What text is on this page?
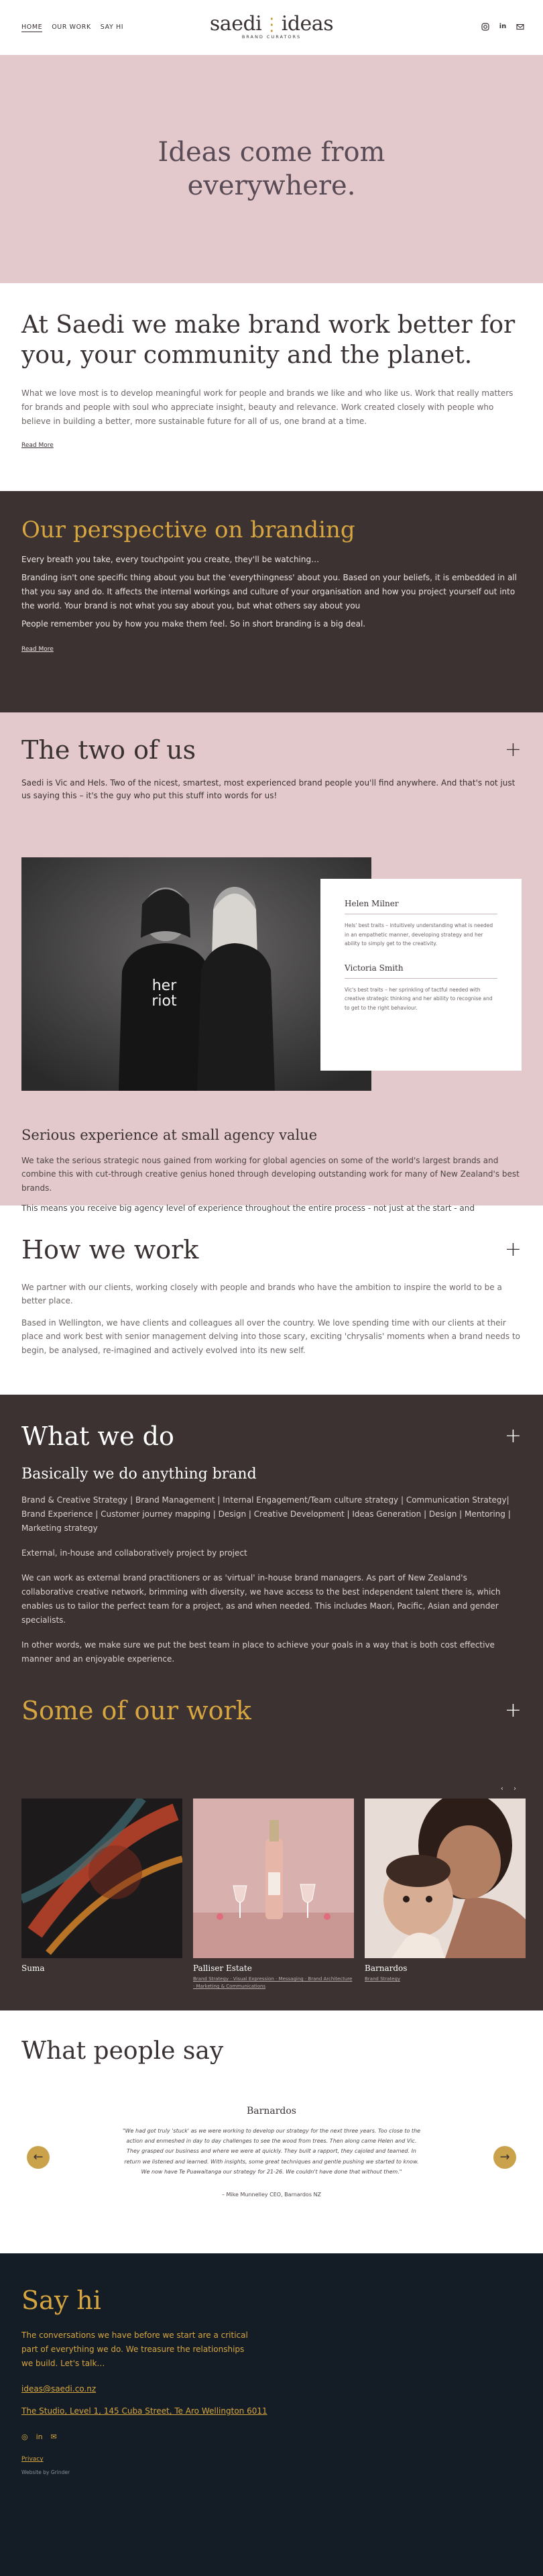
HOME OUR WORK SAY HI	saedi⋮ideas
BRAND CURATORS
in
Ideas come from everywhere.
At Saedi we make brand work better for you, your community and the planet.

What we love most is to develop meaningful work for people and brands we like and who like us. Work that really matters for brands and people with soul who appreciate insight, beauty and relevance. Work created closely with people who believe in building a better, more sustainable future for all of us, one brand at a time.

Read More
Our perspective on branding

Every breath you take, every touchpoint you create, they'll be watching…

Branding isn't one specific thing about you but the 'everythingness' about you. Based on your beliefs, it is embedded in all that you say and do. It affects the internal workings and culture of your organisation and how you project yourself out into the world. Your brand is not what you say about you, but what others say about you

People remember you by how you make them feel. So in short branding is a big deal.

Read More
The two of us	+

Saedi is Vic and Hels. Two of the nicest, smartest, most experienced brand people you'll find anywhere. And that's not just us saying this – it's the guy who put this stuff into words for us!

her riot
Helen Milner

Hels' best traits – intuitively understanding what is needed in an empathetic manner, developing strategy and her ability to simply get to the creativity.

Victoria Smith

Vic's best traits – her sprinkling of tactful needed with creative strategic thinking and her ability to recognise and to get to the right behaviour.

Serious experience at small agency value

We take the serious strategic nous gained from working for global agencies on some of the world's largest brands and combine this with cut-through creative genius honed through developing outstanding work for many of New Zealand's best brands.

This means you receive big agency level of experience throughout the entire process - not just at the start - and

How we work	+

We partner with our clients, working closely with people and brands who have the ambition to inspire the world to be a better place.

Based in Wellington, we have clients and colleagues all over the country. We love spending time with our clients at their place and work best with senior management delving into those scary, exciting 'chrysalis' moments when a brand needs to begin, be analysed, re-imagined and actively evolved into its new self.

What we do	+
Basically we do anything brand

Brand & Creative Strategy | Brand Management | Internal Engagement/Team culture strategy | Communication Strategy| Brand Experience | Customer journey mapping | Design | Creative Development | Ideas Generation | Design | Mentoring | Marketing strategy

External, in-house and collaboratively project by project

We can work as external brand practitioners or as 'virtual' in-house brand managers. As part of New Zealand's collaborative creative network, brimming with diversity, we have access to the best independent talent there is, which enables us to tailor the perfect team for a project, as and when needed. This includes Maori, Pacific, Asian and gender specialists.

In other words, we make sure we put the best team in place to achieve your goals in a way that is both cost effective manner and an enjoyable experience.

Some of our work	+
‹ ›
Suma	Palliser Estate
Brand Strategy · Visual Expression · Messaging · Brand Architecture · Marketing & Communications
Barnardos
Brand Strategy
What people say
←
Barnardos

"We had got truly 'stuck' as we were working to develop our strategy for the next three years. Too close to the action and enmeshed in day to day challenges to see the wood from trees. Then along came Helen and Vic. They grasped our business and where we were at quickly. They built a rapport, they cajoled and teamed. In return we listened and learned. With insights, some great techniques and gentle pushing we started to know. We now have Te Puawaitanga our strategy for 21-26. We couldn't have done that without them."

– Mike Munnelley CEO, Barnardos NZ
→
Say hi

The conversations we have before we start are a critical part of everything we do. We treasure the relationships we build. Let's talk…

ideas@saedi.co.nz
The Studio, Level 1, 145 Cuba Street, Te Aro Wellington 6011
◎ in ✉
Privacy
Website by Grinder
